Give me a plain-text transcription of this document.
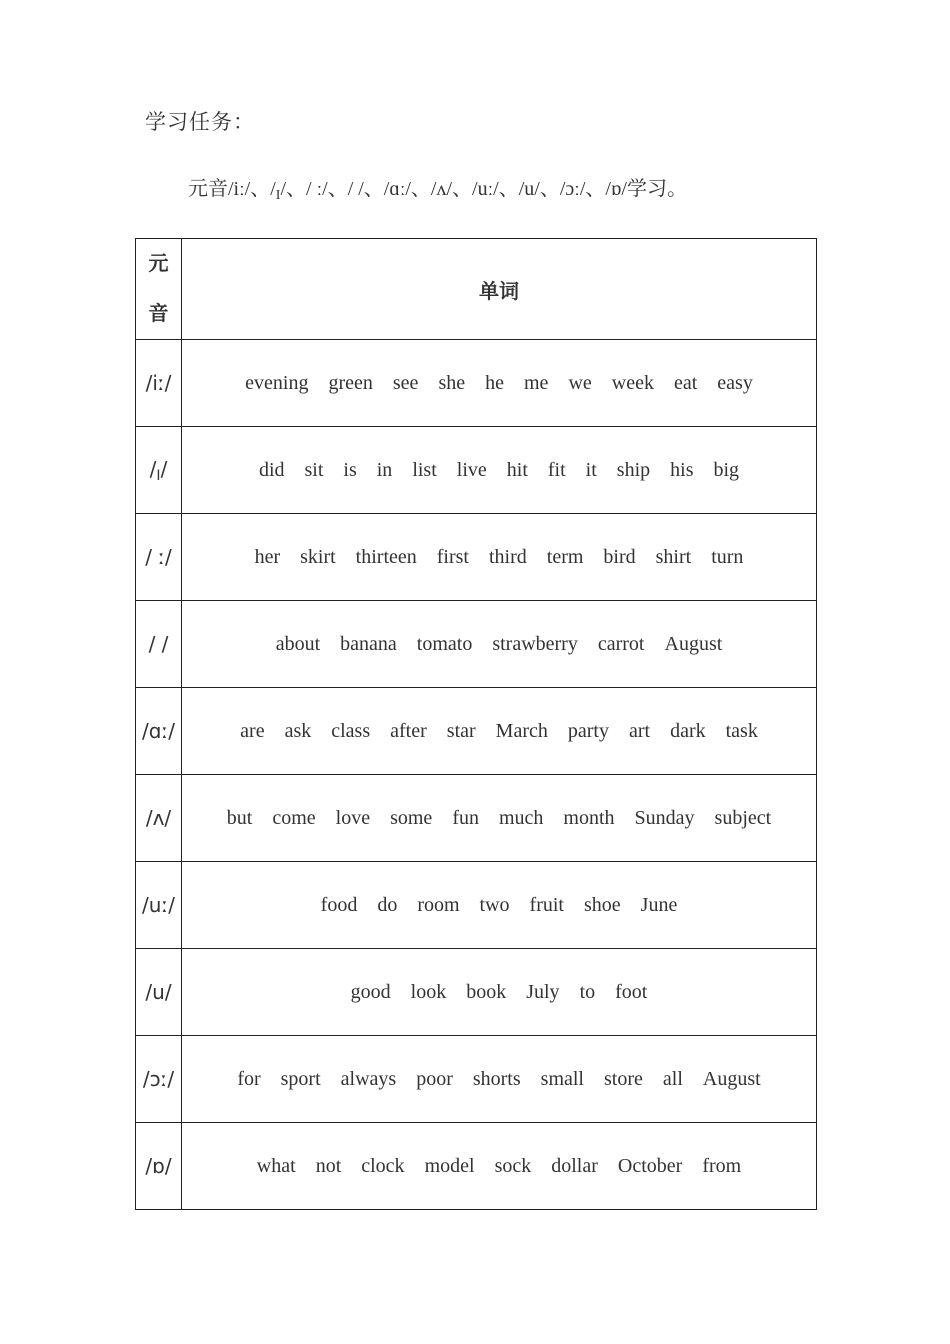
学习任务：
元音/iː/、$/_I/$、/ ː/、/ /、/ɑː/、/ʌ/、/uː/、/u/、/ɔː/、/ɒ/学习。
元
音	单词
/iː/	evening green see she he me we week eat easy
$/_I/$	did sit is in list live hit fit it ship his big
/ ː/	her skirt thirteen first third term bird shirt turn
/ /	about banana tomato strawberry carrot August
/ɑː/	are ask class after star March party art dark task
/ʌ/	but come love some fun much month Sunday subject
/uː/	food do room two fruit shoe June
/u/	good look book July to foot
/ɔː/	for sport always poor shorts small store all August
/ɒ/	what not clock model sock dollar October from
